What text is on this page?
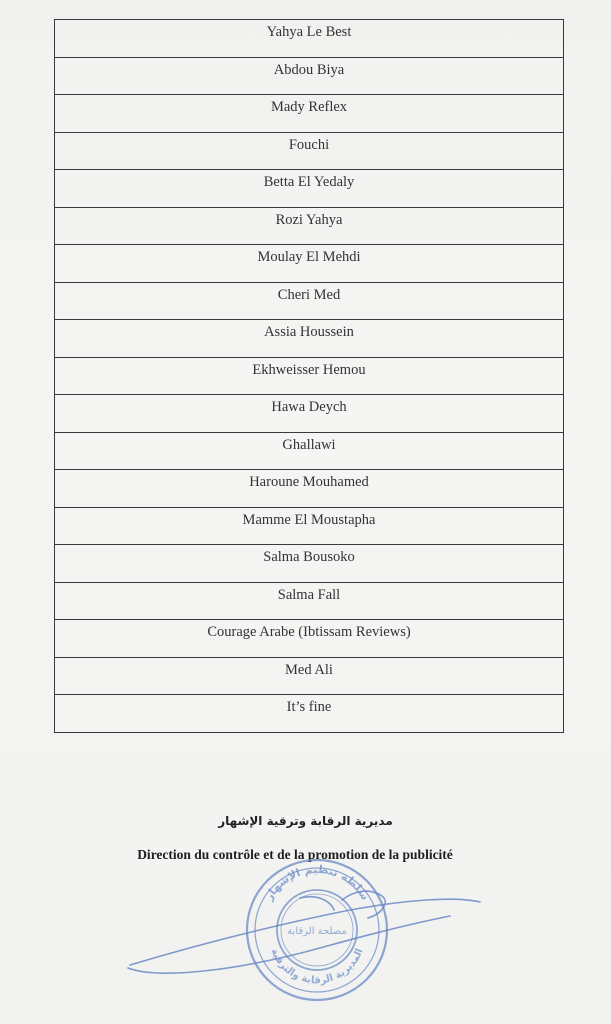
Yahya Le Best

Abdou Biya

Mady Reflex

Fouchi

Betta El Yedaly

Rozi Yahya

Moulay El Mehdi

Cheri Med

Assia Houssein

Ekhweisser Hemou

Hawa Deych

Ghallawi

Haroune Mouhamed

Mamme El Moustapha

Salma Bousoko

Salma Fall

Courage Arabe (Ibtissam Reviews)

Med Ali

It’s fine
مديرية الرقابة وترقية الإشهار
Direction du contrôle et de la promotion de la publicité
سلطة تنظيم الإشهار
المديرية الرقابة والترقية
مصلحة الرقابة
